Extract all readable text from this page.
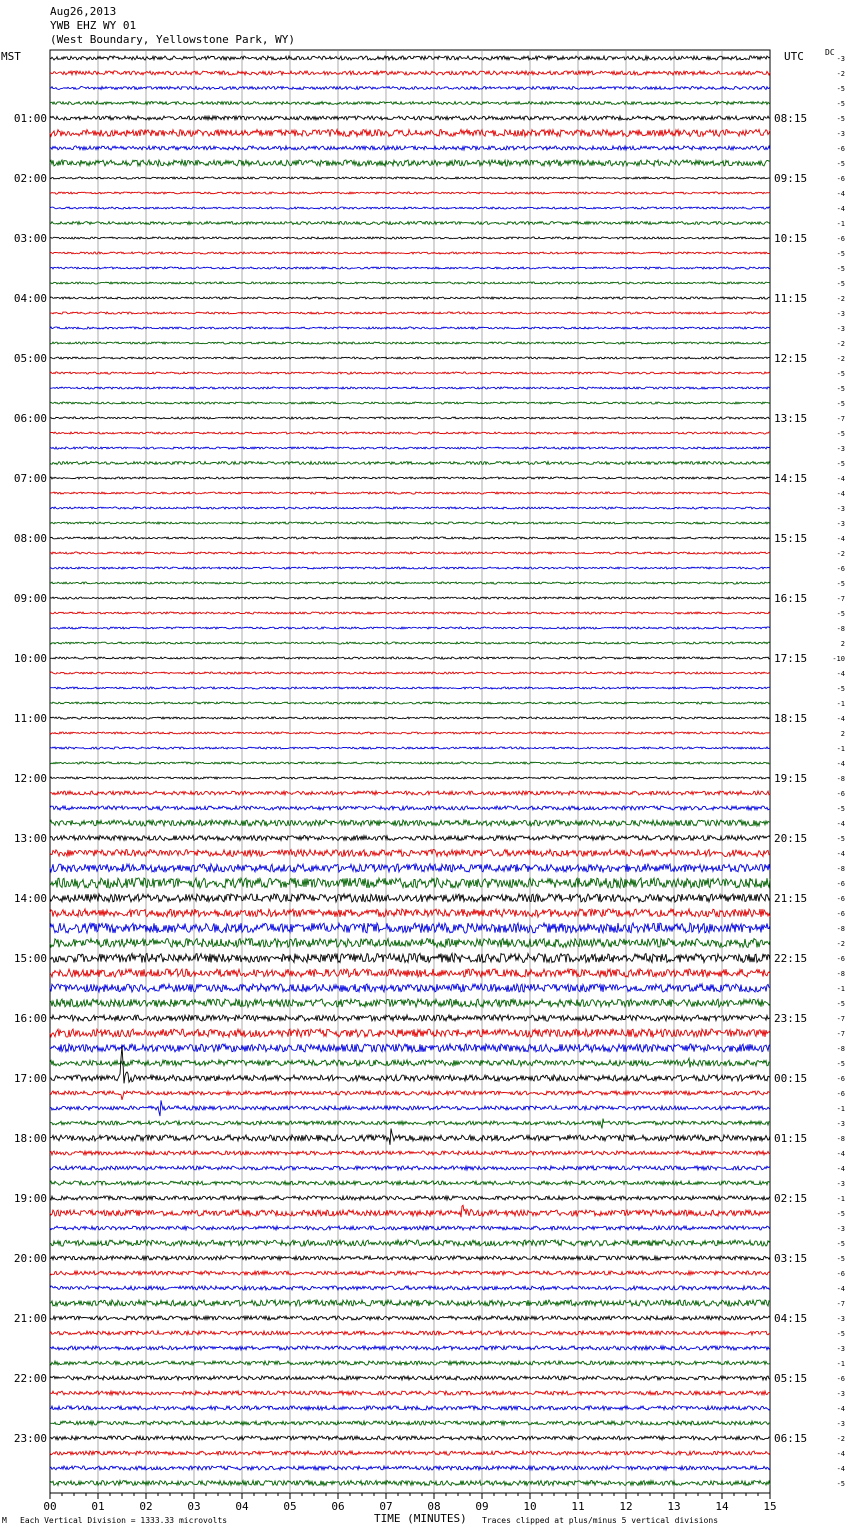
Aug26,2013
YWB EHZ WY 01
(West Boundary, Yellowstone Park, WY)
MST	UTC	DC
00	01	02	03	04	05	06	07	08	09	10	11	12	13	14	15
-3
-2
-5
-5
-5
-3
-6
-5
-6
-4
-4
-1
-6
-5
-5
-5
-2
-3
-3
-2
-2
-5
-5
-5
-7
-5
-3
-5
-4
-4
-3
-3
-4
-2
-6
-5
-7
-5
-8
2
-10
-4
-5
-1
-4
2
-1
-4
-8
-6
-5
-4
-5
-4
-8
-6
-6
-6
-8
-2
-6
-8
-1
-5
-7
-7
-8
-5
-6
-6
-1
-3
-8
-4
-4
-3
-1
-5
-3
-5
-5
-6
-4
-7
-3
-5
-3
-1
-6
-3
-4
-3
-2
-4
-4
-5
01:00
02:00
03:00
04:00
05:00
06:00
07:00
08:00
09:00
10:00
11:00
12:00
13:00
14:00
15:00
16:00
17:00
18:00
19:00
20:00
21:00
22:00
23:00
08:15
09:15
10:15
11:15
12:15
13:15
14:15
15:15
16:15
17:15
18:15
19:15
20:15
21:15
22:15
23:15
00:15
01:15
02:15
03:15
04:15
05:15
06:15
M Each Vertical Division = 1333.33 microvolts	TIME (MINUTES) Traces clipped at plus/minus 5 vertical divisions
